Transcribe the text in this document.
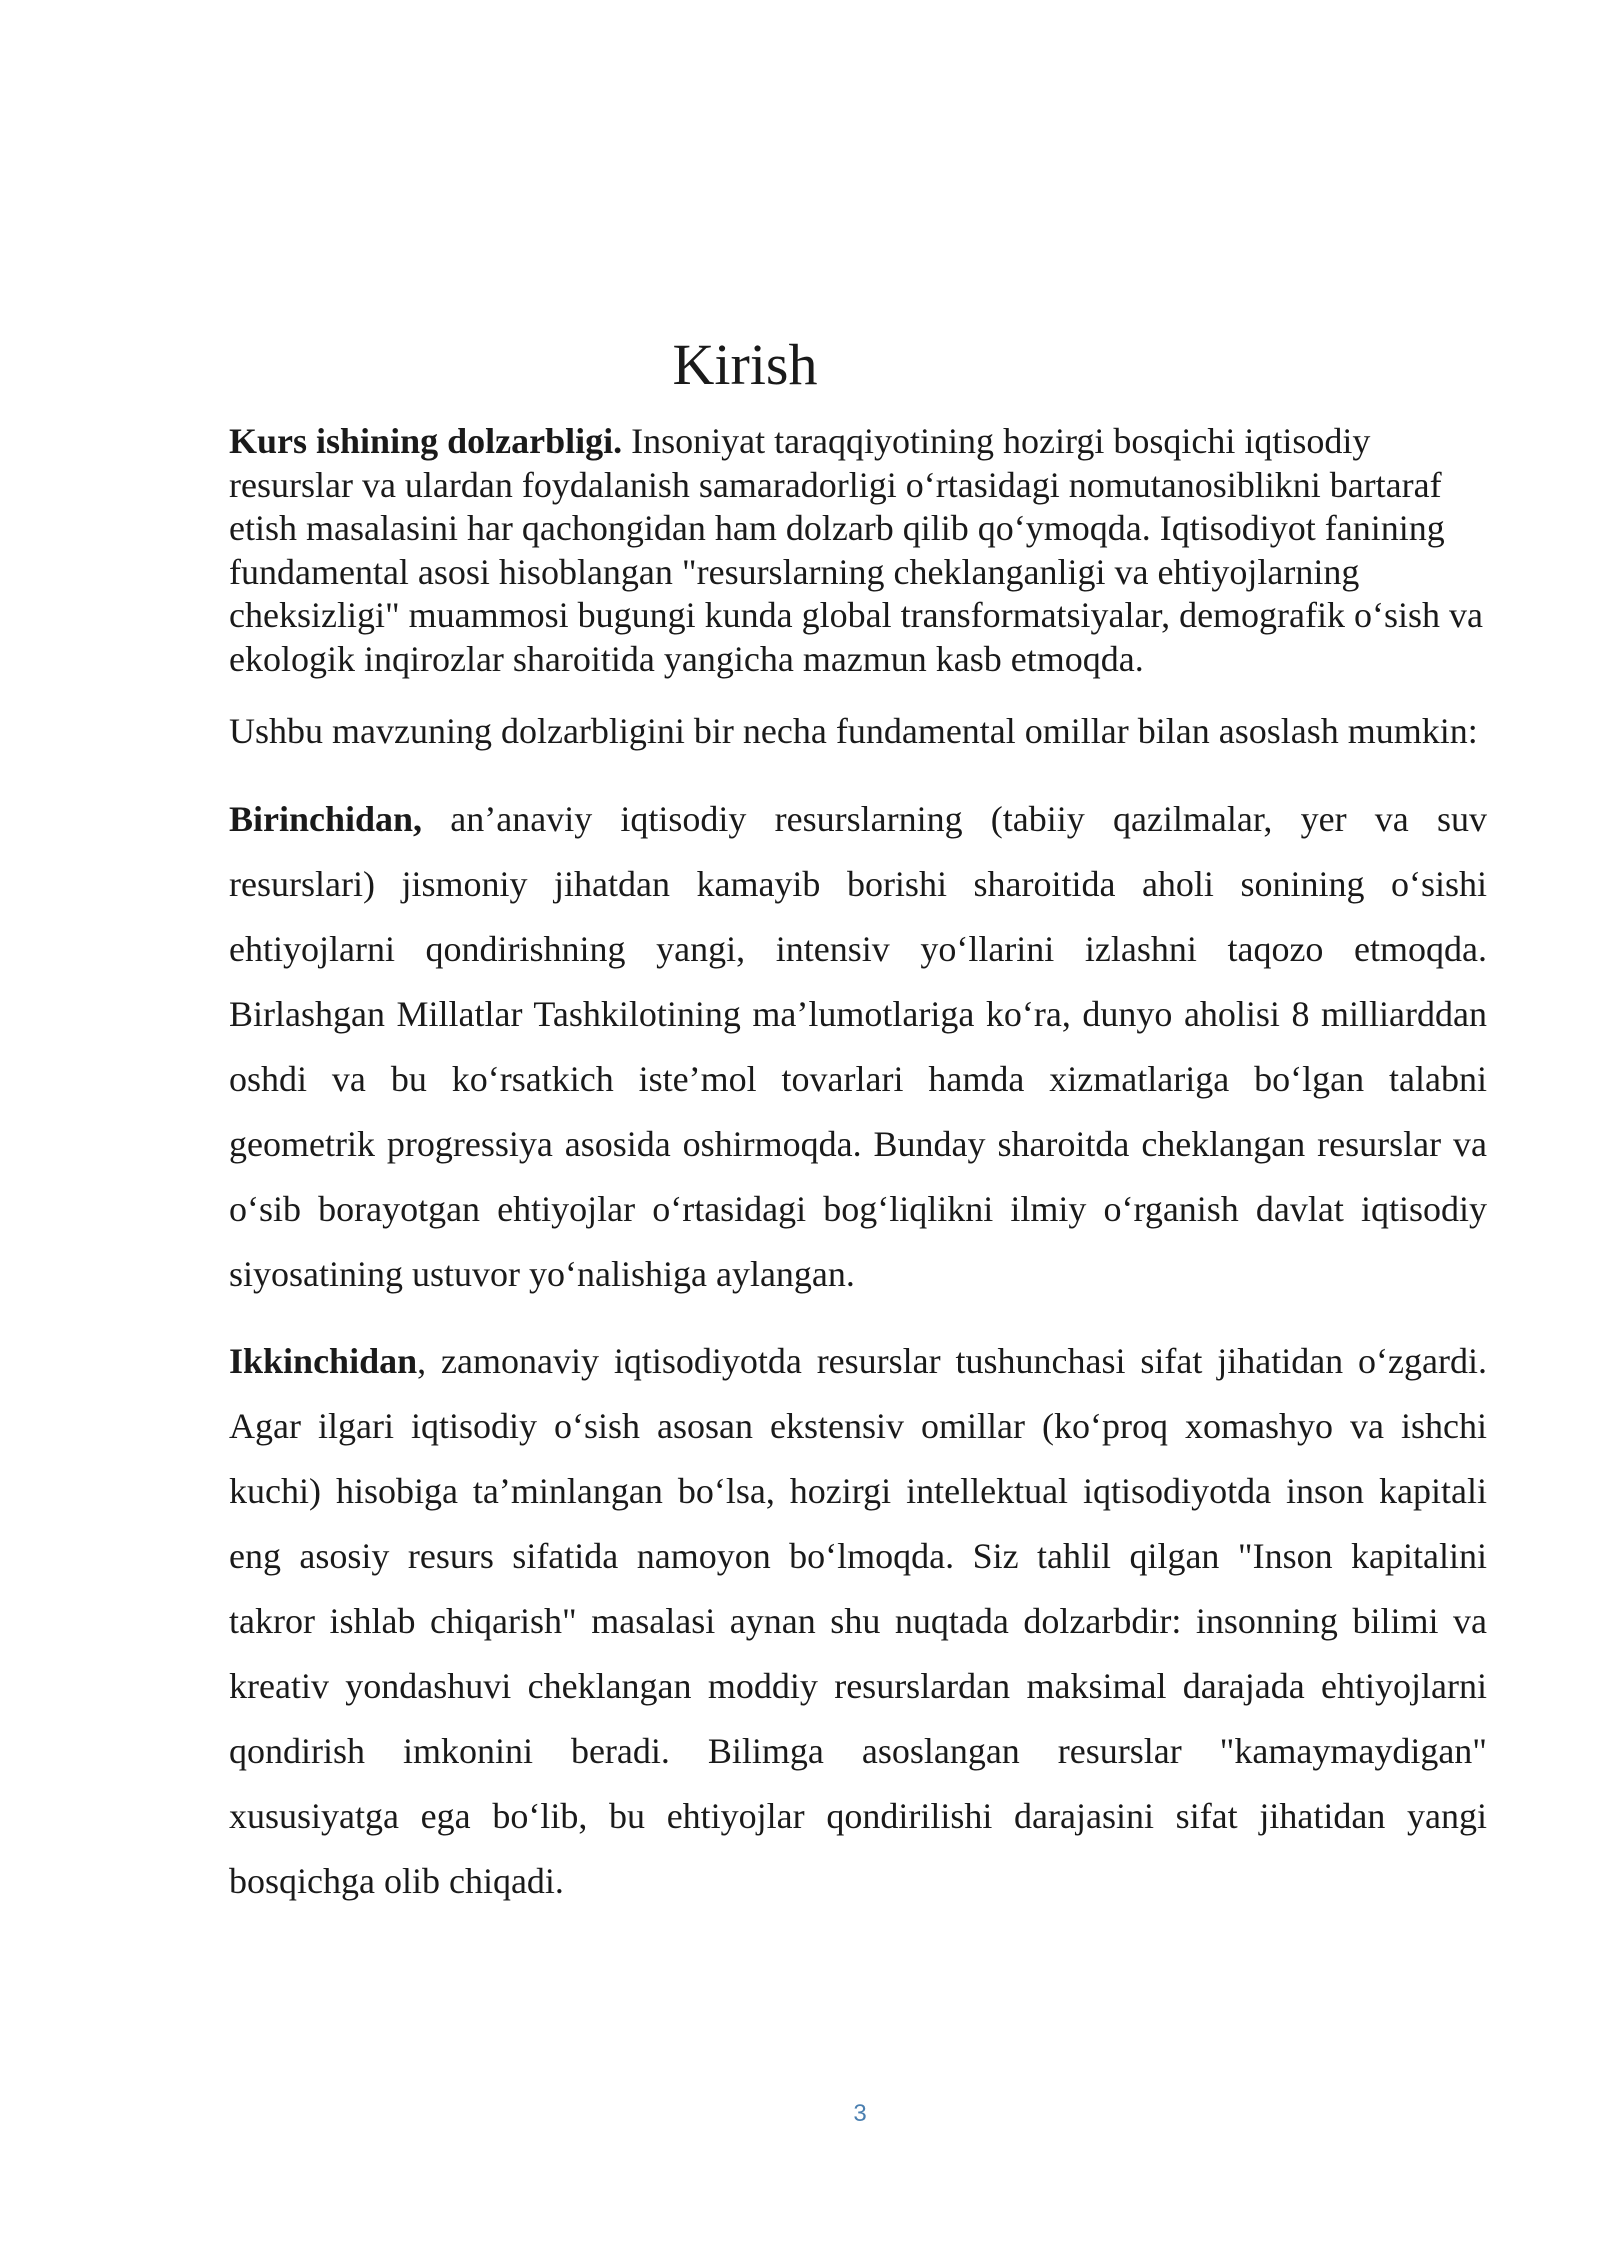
Kirish

Kurs ishining dolzarbligi. Insoniyat taraqqiyotining hozirgi bosqichi iqtisodiy resurslar va ulardan foydalanish samaradorligi oʻrtasidagi nomutanosiblikni bartaraf etish masalasini har qachongidan ham dolzarb qilib qoʻymoqda. Iqtisodiyot fanining fundamental asosi hisoblangan "resurslarning cheklanganligi va ehtiyojlarning cheksizligi" muammosi bugungi kunda global transformatsiyalar, demografik oʻsish va ekologik inqirozlar sharoitida yangicha mazmun kasb etmoqda.

Ushbu mavzuning dolzarbligini bir necha fundamental omillar bilan asoslash mumkin:

Birinchidan, an’anaviy iqtisodiy resurslarning (tabiiy qazilmalar, yer va suv resurslari) jismoniy jihatdan kamayib borishi sharoitida aholi sonining oʻsishi ehtiyojlarni qondirishning yangi, intensiv yoʻllarini izlashni taqozo etmoqda. Birlashgan Millatlar Tashkilotining ma’lumotlariga koʻra, dunyo aholisi 8 milliarddan oshdi va bu koʻrsatkich iste’mol tovarlari hamda xizmatlariga boʻlgan talabni geometrik progressiya asosida oshirmoqda. Bunday sharoitda cheklangan resurslar va oʻsib borayotgan ehtiyojlar oʻrtasidagi bogʻliqlikni ilmiy oʻrganish davlat iqtisodiy siyosatining ustuvor yoʻnalishiga aylangan.

Ikkinchidan, zamonaviy iqtisodiyotda resurslar tushunchasi sifat jihatidan oʻzgardi. Agar ilgari iqtisodiy oʻsish asosan ekstensiv omillar (koʻproq xomashyo va ishchi kuchi) hisobiga ta’minlangan boʻlsa, hozirgi intellektual iqtisodiyotda inson kapitali eng asosiy resurs sifatida namoyon boʻlmoqda. Siz tahlil qilgan "Inson kapitalini takror ishlab chiqarish" masalasi aynan shu nuqtada dolzarbdir: insonning bilimi va kreativ yondashuvi cheklangan moddiy resurslardan maksimal darajada ehtiyojlarni qondirish imkonini beradi. Bilimga asoslangan resurslar "kamaymaydigan" xususiyatga ega boʻlib, bu ehtiyojlar qondirilishi darajasini sifat jihatidan yangi bosqichga olib chiqadi.

3
